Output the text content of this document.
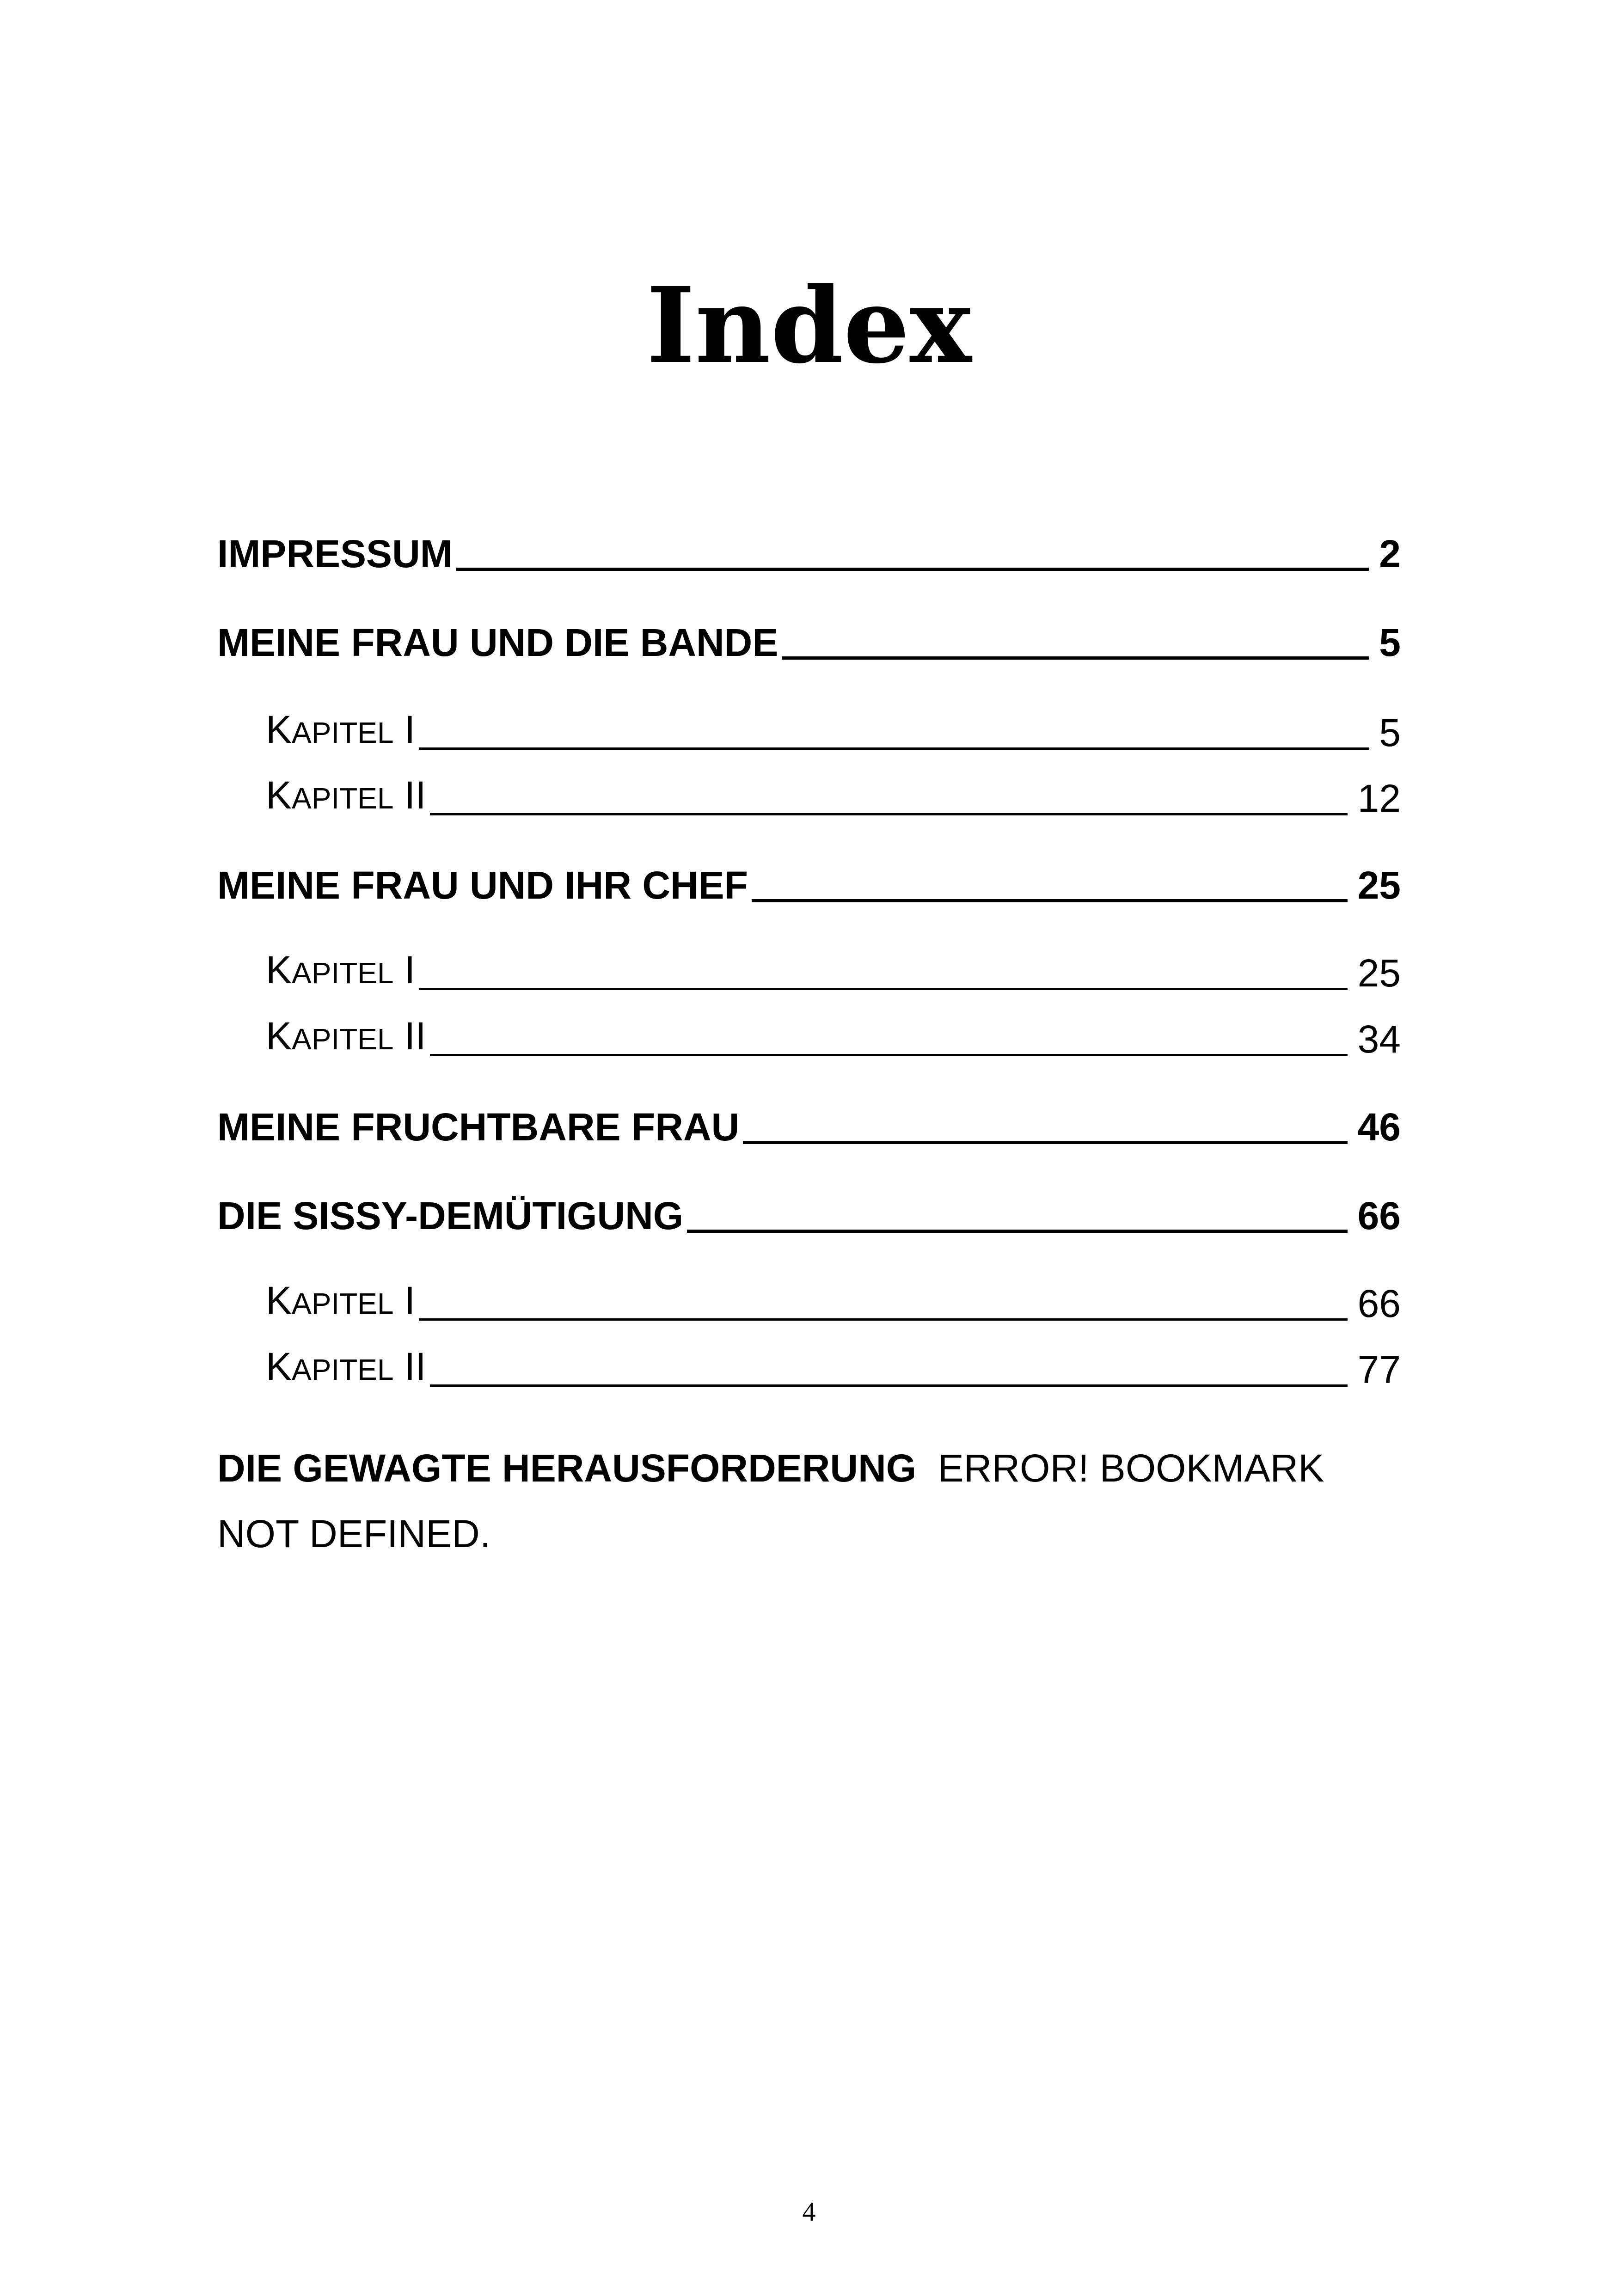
Index
IMPRESSUM	2
MEINE FRAU UND DIE BANDE	5
KAPITEL I	5
KAPITEL II	12
MEINE FRAU UND IHR CHEF	25
KAPITEL I	25
KAPITEL II	34
MEINE FRUCHTBARE FRAU	46
DIE SISSY-DEMÜTIGUNG	66
KAPITEL I	66
KAPITEL II	77
DIE GEWAGTE HERAUSFORDERUNG ERROR! BOOKMARK NOT DEFINED.
4
